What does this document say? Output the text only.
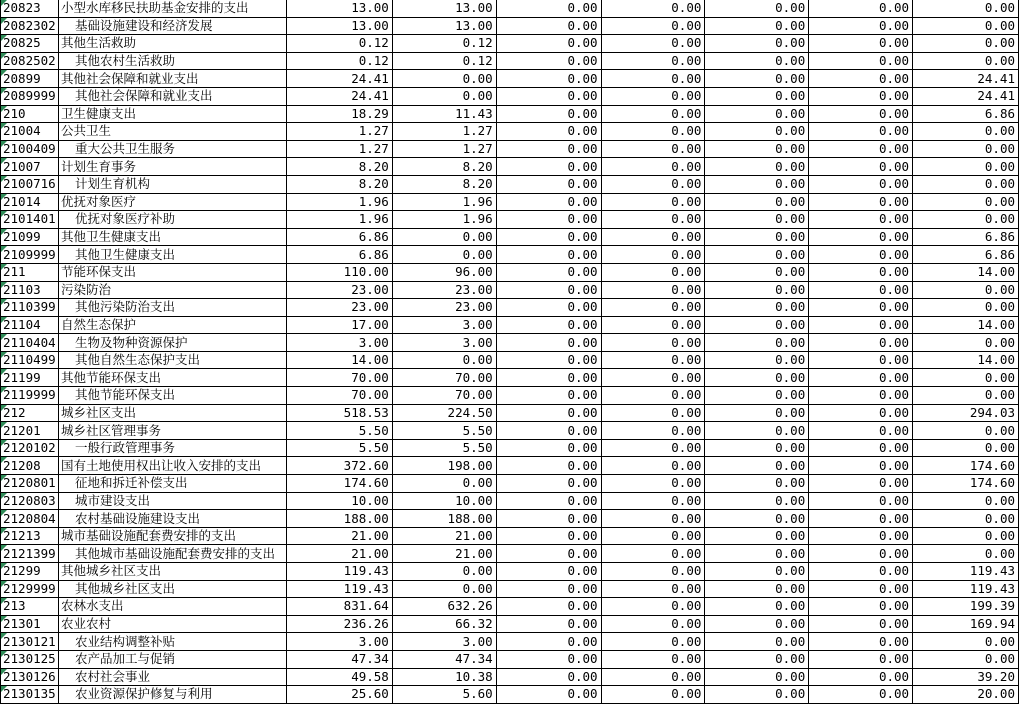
20823	小型水库移民扶助基金安排的支出	13.00	13.00	0.00	0.00	0.00	0.00	0.00
2082302	基础设施建设和经济发展	13.00	13.00	0.00	0.00	0.00	0.00	0.00
20825	其他生活救助	0.12	0.12	0.00	0.00	0.00	0.00	0.00
2082502	其他农村生活救助	0.12	0.12	0.00	0.00	0.00	0.00	0.00
20899	其他社会保障和就业支出	24.41	0.00	0.00	0.00	0.00	0.00	24.41
2089999	其他社会保障和就业支出	24.41	0.00	0.00	0.00	0.00	0.00	24.41
210	卫生健康支出	18.29	11.43	0.00	0.00	0.00	0.00	6.86
21004	公共卫生	1.27	1.27	0.00	0.00	0.00	0.00	0.00
2100409	重大公共卫生服务	1.27	1.27	0.00	0.00	0.00	0.00	0.00
21007	计划生育事务	8.20	8.20	0.00	0.00	0.00	0.00	0.00
2100716	计划生育机构	8.20	8.20	0.00	0.00	0.00	0.00	0.00
21014	优抚对象医疗	1.96	1.96	0.00	0.00	0.00	0.00	0.00
2101401	优抚对象医疗补助	1.96	1.96	0.00	0.00	0.00	0.00	0.00
21099	其他卫生健康支出	6.86	0.00	0.00	0.00	0.00	0.00	6.86
2109999	其他卫生健康支出	6.86	0.00	0.00	0.00	0.00	0.00	6.86
211	节能环保支出	110.00	96.00	0.00	0.00	0.00	0.00	14.00
21103	污染防治	23.00	23.00	0.00	0.00	0.00	0.00	0.00
2110399	其他污染防治支出	23.00	23.00	0.00	0.00	0.00	0.00	0.00
21104	自然生态保护	17.00	3.00	0.00	0.00	0.00	0.00	14.00
2110404	生物及物种资源保护	3.00	3.00	0.00	0.00	0.00	0.00	0.00
2110499	其他自然生态保护支出	14.00	0.00	0.00	0.00	0.00	0.00	14.00
21199	其他节能环保支出	70.00	70.00	0.00	0.00	0.00	0.00	0.00
2119999	其他节能环保支出	70.00	70.00	0.00	0.00	0.00	0.00	0.00
212	城乡社区支出	518.53	224.50	0.00	0.00	0.00	0.00	294.03
21201	城乡社区管理事务	5.50	5.50	0.00	0.00	0.00	0.00	0.00
2120102	一般行政管理事务	5.50	5.50	0.00	0.00	0.00	0.00	0.00
21208	国有土地使用权出让收入安排的支出	372.60	198.00	0.00	0.00	0.00	0.00	174.60
2120801	征地和拆迁补偿支出	174.60	0.00	0.00	0.00	0.00	0.00	174.60
2120803	城市建设支出	10.00	10.00	0.00	0.00	0.00	0.00	0.00
2120804	农村基础设施建设支出	188.00	188.00	0.00	0.00	0.00	0.00	0.00
21213	城市基础设施配套费安排的支出	21.00	21.00	0.00	0.00	0.00	0.00	0.00
2121399	其他城市基础设施配套费安排的支出	21.00	21.00	0.00	0.00	0.00	0.00	0.00
21299	其他城乡社区支出	119.43	0.00	0.00	0.00	0.00	0.00	119.43
2129999	其他城乡社区支出	119.43	0.00	0.00	0.00	0.00	0.00	119.43
213	农林水支出	831.64	632.26	0.00	0.00	0.00	0.00	199.39
21301	农业农村	236.26	66.32	0.00	0.00	0.00	0.00	169.94
2130121	农业结构调整补贴	3.00	3.00	0.00	0.00	0.00	0.00	0.00
2130125	农产品加工与促销	47.34	47.34	0.00	0.00	0.00	0.00	0.00
2130126	农村社会事业	49.58	10.38	0.00	0.00	0.00	0.00	39.20
2130135	农业资源保护修复与利用	25.60	5.60	0.00	0.00	0.00	0.00	20.00
